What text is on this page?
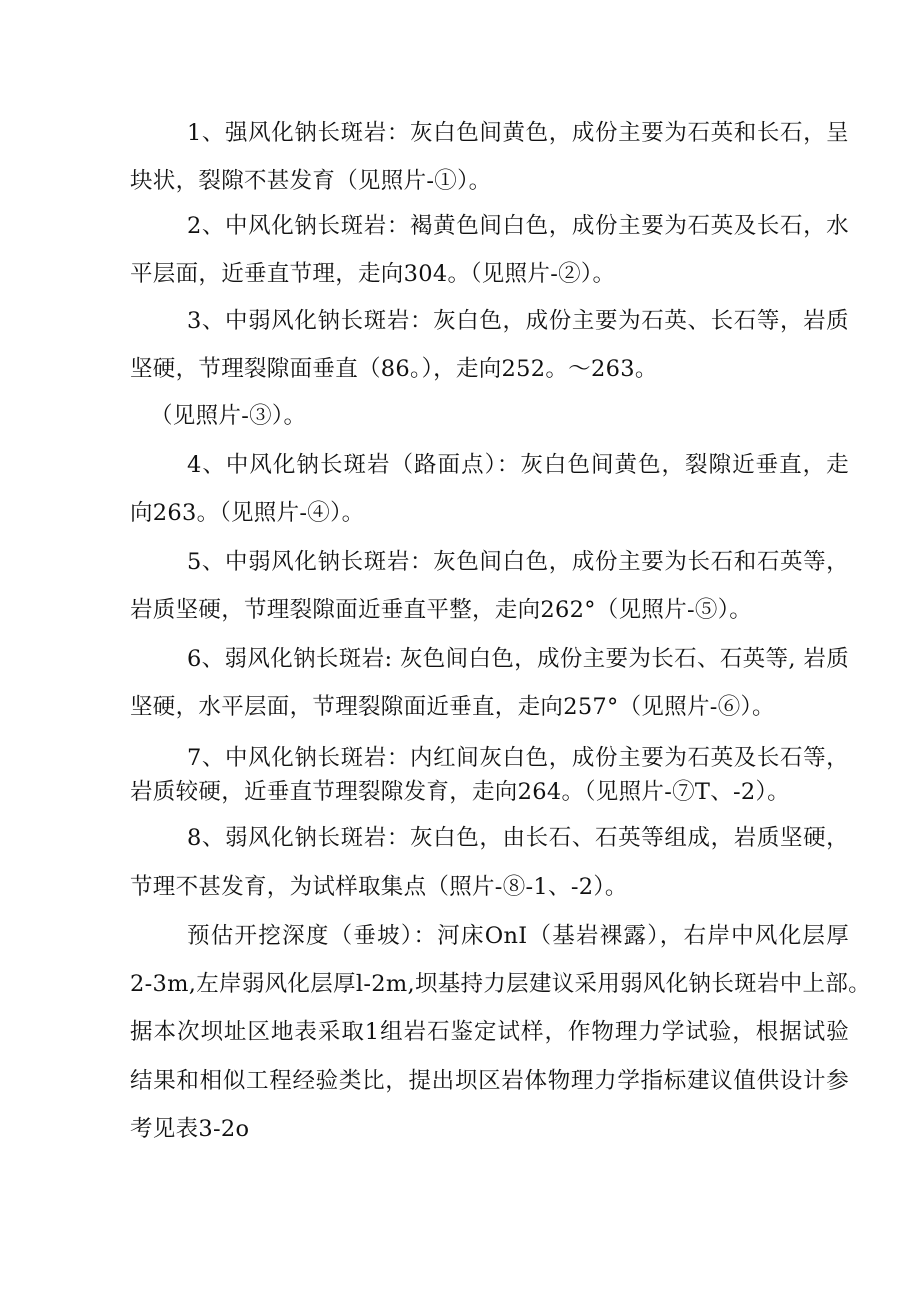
1、强风化钠长斑岩：灰白色间黄色，成份主要为石英和长石，呈
块状，裂隙不甚发育（见照片-①）。
2、中风化钠长斑岩：褐黄色间白色，成份主要为石英及长石，水
平层面，近垂直节理，走向304。（见照片-②）。
3、中弱风化钠长斑岩：灰白色，成份主要为石英、长石等，岩质
坚硬，节理裂隙面垂直（86。），走向252。～263。
（见照片-③）。
4、中风化钠长斑岩（路面点）：灰白色间黄色，裂隙近垂直，走
向263。（见照片-④）。
5、中弱风化钠长斑岩：灰色间白色，成份主要为长石和石英等，
岩质坚硬，节理裂隙面近垂直平整，走向262°（见照片-⑤）。
6、弱风化钠长斑岩: 灰色间白色，成份主要为长石、石英等, 岩质
坚硬，水平层面，节理裂隙面近垂直，走向257°（见照片-⑥）。
7、中风化钠长斑岩：内红间灰白色，成份主要为石英及长石等，
岩质较硬，近垂直节理裂隙发育，走向264。（见照片-⑦T、-2）。
8、弱风化钠长斑岩：灰白色，由长石、石英等组成，岩质坚硬，
节理不甚发育，为试样取集点（照片-⑧-1、-2）。
预估开挖深度（垂坡）：河床OnI（基岩裸露），右岸中风化层厚
2-3m,左岸弱风化层厚l-2m,坝基持力层建议采用弱风化钠长斑岩中上部。
据本次坝址区地表采取1组岩石鉴定试样，作物理力学试验，根据试验
结果和相似工程经验类比，提出坝区岩体物理力学指标建议值供设计参
考见表3-2o
